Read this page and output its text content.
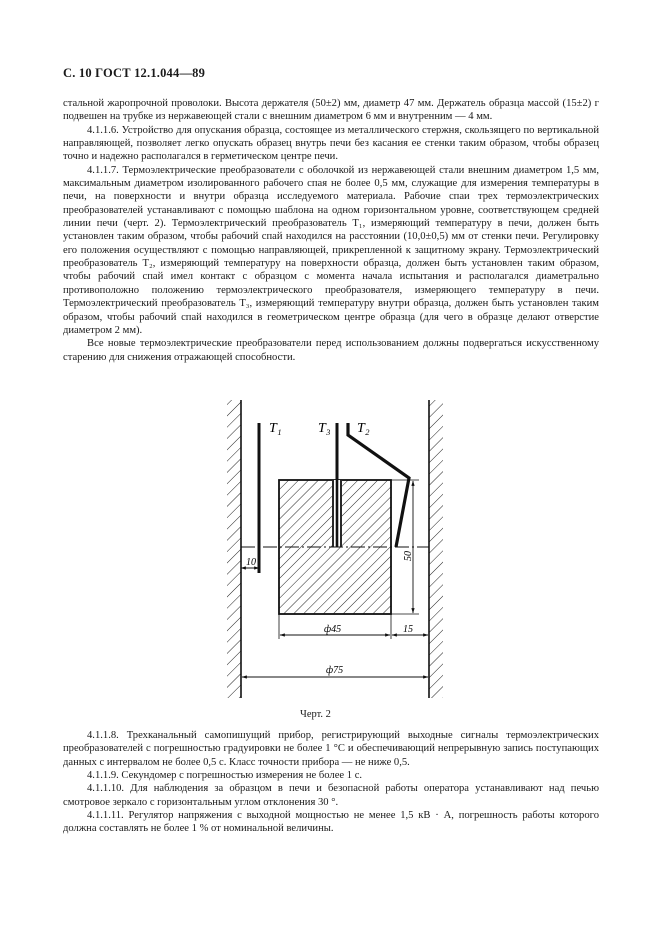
С. 10 ГОСТ 12.1.044—89

стальной жаропрочной проволоки. Высота держателя (50±2) мм, диаметр 47 мм. Держатель образца массой (15±2) г подвешен на трубке из нержавеющей стали с внешним диаметром 6 мм и внутренним — 4 мм.

4.1.1.6. Устройство для опускания образца, состоящее из металлического стержня, скользящего по вертикальной направляющей, позволяет легко опускать образец внутрь печи без касания ее стенки таким образом, чтобы образец точно и надежно располагался в герметическом центре печи.

4.1.1.7. Термоэлектрические преобразователи с оболочкой из нержавеющей стали внешним диаметром 1,5 мм, максимальным диаметром изолированного рабочего спая не более 0,5 мм, служащие для измерения температуры в печи, на поверхности и внутри образца исследуемого материала. Рабочие спаи трех термоэлектрических преобразователей устанавливают с помощью шаблона на одном горизонтальном уровне, соответствующем средней линии печи (черт. 2). Термоэлектрический преобразователь T₁, измеряющий температуру в печи, должен быть установлен таким образом, чтобы рабочий спай находился на расстоянии (10,0±0,5) мм от стенки печи. Регулировку его положения осуществляют с помощью направляющей, прикрепленной к защитному экрану. Термоэлектрический преобразователь T₂, измеряющий температуру на поверхности образца, должен быть установлен таким образом, чтобы рабочий спай имел контакт с образцом с момента начала испытания и располагался диаметрально противоположно положению термоэлектрического преобразователя, измеряющего температуру в печи. Термоэлектрический преобразователь T₃, измеряющий температуру внутри образца, должен быть установлен таким образом, чтобы рабочий спай находился в геометрическом центре образца (для чего в образце делают отверстие диаметром 2 мм).

Все новые термоэлектрические преобразователи перед использованием должны подвергаться искусственному старению для снижения отражающей способности.

T₁	T₃ T₂
10
50
ф45	15
ф75
Черт. 2

4.1.1.8. Трехканальный самопишущий прибор, регистрирующий выходные сигналы термоэлектрических преобразователей с погрешностью градуировки не более 1 °С и обеспечивающий непрерывную запись поступающих данных с интервалом не более 0,5 с. Класс точности прибора — не ниже 0,5.

4.1.1.9. Секундомер с погрешностью измерения не более 1 с.

4.1.1.10. Для наблюдения за образцом в печи и безопасной работы оператора устанавливают над печью смотровое зеркало с горизонтальным углом отклонения 30 °.

4.1.1.11. Регулятор напряжения с выходной мощностью не менее 1,5 кВ · А, погрешность работы которого должна составлять не более 1 % от номинальной величины.
